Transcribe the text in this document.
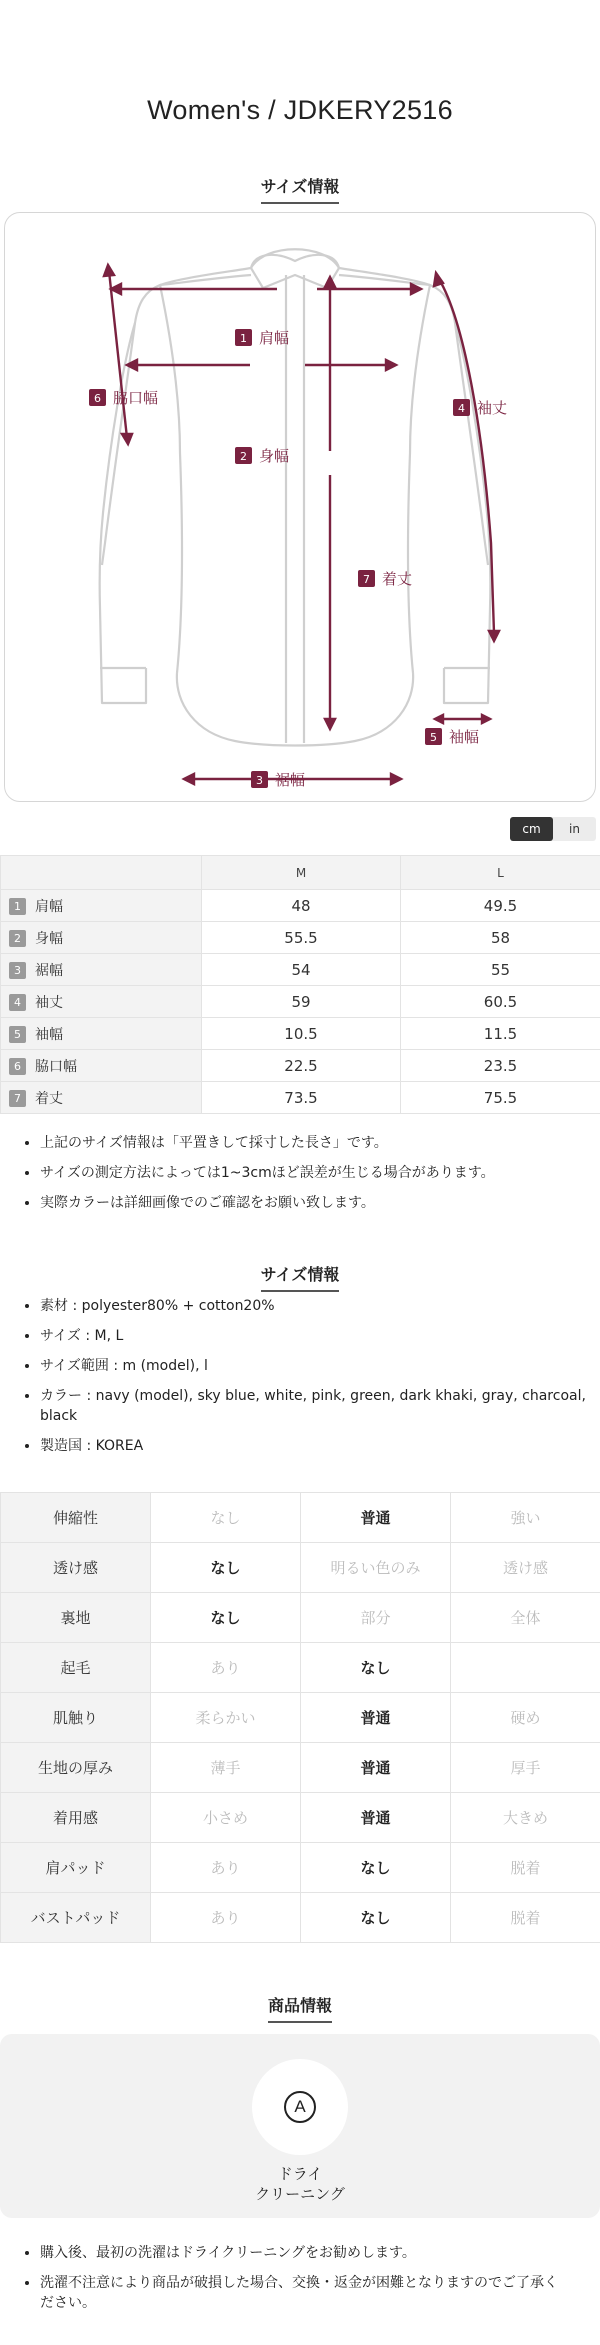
Women's / JDKERY2516
サイズ情報
1 肩幅
2 身幅
3 裾幅
4 袖丈
5 袖幅
6 脇口幅
7 着丈
cm	in
	M	L
1 肩幅	48	49.5
2 身幅	55.5	58
3 裾幅	54	55
4 袖丈	59	60.5
5 袖幅	10.5	11.5
6 脇口幅	22.5	23.5
7 着丈	73.5	75.5
• 上記のサイズ情報は「平置きして採寸した長さ」です。
• サイズの測定方法によっては1~3cmほど誤差が生じる場合があります。
• 実際カラーは詳細画像でのご確認をお願い致します。
サイズ情報
• 素材 : polyester80% + cotton20%
• サイズ : M, L
• サイズ範囲 : m (model), l
• カラー : navy (model), sky blue, white, pink, green, dark khaki, gray, charcoal, black
• 製造国 : KOREA
伸縮性	なし	普通	強い
透け感	なし	明るい色のみ	透け感
裏地	なし	部分	全体
起毛	あり	なし	
肌触り	柔らかい	普通	硬め
生地の厚み	薄手	普通	厚手
着用感	小さめ	普通	大きめ
肩パッド	あり	なし	脱着
バストパッド	あり	なし	脱着
商品情報
A
ドライ
クリーニング
• 購入後、最初の洗濯はドライクリーニングをお勧めします。
• 洗濯不注意により商品が破損した場合、交換・返金が困難となりますのでご了承ください。
